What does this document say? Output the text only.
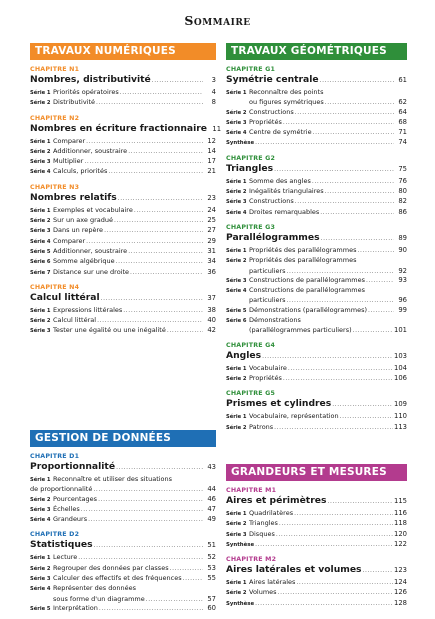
Sommaire
TRAVAUX NUMÉRIQUES
CHAPITRE N1
Nombres, distributivité .....	3
Série 1 Priorités opératoires .....	4
Série 2 Distributivité .....	8
CHAPITRE N2
Nombres en écriture fractionnaire 11
Série 1 Comparer .....	12
Série 2 Additionner, soustraire .....	14
Série 3 Multiplier .....	17
Série 4 Calculs, priorités .....	21
CHAPITRE N3
Nombres relatifs .....	23
Série 1 Exemples et vocabulaire .....	24
Série 2 Sur un axe gradué .....	25
Série 3 Dans un repère .....	27
Série 4 Comparer .....	29
Série 5 Additionner, soustraire .....	31
Série 6 Somme algébrique .....	34
Série 7 Distance sur une droite .....	36
CHAPITRE N4
Calcul littéral .....	37
Série 1 Expressions littérales .....	38
Série 2 Calcul littéral .....	40
Série 3 Tester une égalité ou une inégalité .....	42
TRAVAUX GÉOMÉTRIQUES
CHAPITRE G1
Symétrie centrale .....	61
Série 1 Reconnaître des points
ou figures symétriques .....	62
Série 2 Constructions .....	64
Série 3 Propriétés .....	68
Série 4 Centre de symétrie .....	71
Synthèse .....	74
CHAPITRE G2
Triangles .....	75
Série 1 Somme des angles .....	76
Série 2 Inégalités triangulaires .....	80
Série 3 Constructions .....	82
Série 4 Droites remarquables .....	86
CHAPITRE G3
Parallélogrammes .....	89
Série 1 Propriétés des parallélogrammes .....	90
Série 2 Propriétés des parallélogrammes
particuliers .....	92
Série 3 Constructions de parallélogrammes .....	93
Série 4 Constructions de parallélogrammes
particuliers .....	96
Série 5 Démonstrations (parallélogrammes) .....	99
Série 6 Démonstrations
(parallélogrammes particuliers) .....	101
CHAPITRE G4
Angles .....	103
Série 1 Vocabulaire .....	104
Série 2 Propriétés .....	106
CHAPITRE G5
Prismes et cylindres .....	109
Série 1 Vocabulaire, représentation .....	110
Série 2 Patrons .....	113
GESTION DE DONNÉES
CHAPITRE D1
Proportionnalité .....	43
Série 1 Reconnaître et utiliser des situations
de proportionnalité .....	44
Série 2 Pourcentages .....	46
Série 3 Échelles .....	47
Série 4 Grandeurs .....	49
CHAPITRE D2
Statistiques .....	51
Série 1 Lecture .....	52
Série 2 Regrouper des données par classes .....	53
Série 3 Calculer des effectifs et des fréquences .....	55
Série 4 Représenter des données
sous forme d'un diagramme .....	57
Série 5 Interprétation .....	60
GRANDEURS ET MESURES
CHAPITRE M1
Aires et périmètres .....	115
Série 1 Quadrilatères .....	116
Série 2 Triangles .....	118
Série 3 Disques .....	120
Synthèse .....	122
CHAPITRE M2
Aires latérales et volumes .....	123
Série 1 Aires latérales .....	124
Série 2 Volumes .....	126
Synthèse .....	128
